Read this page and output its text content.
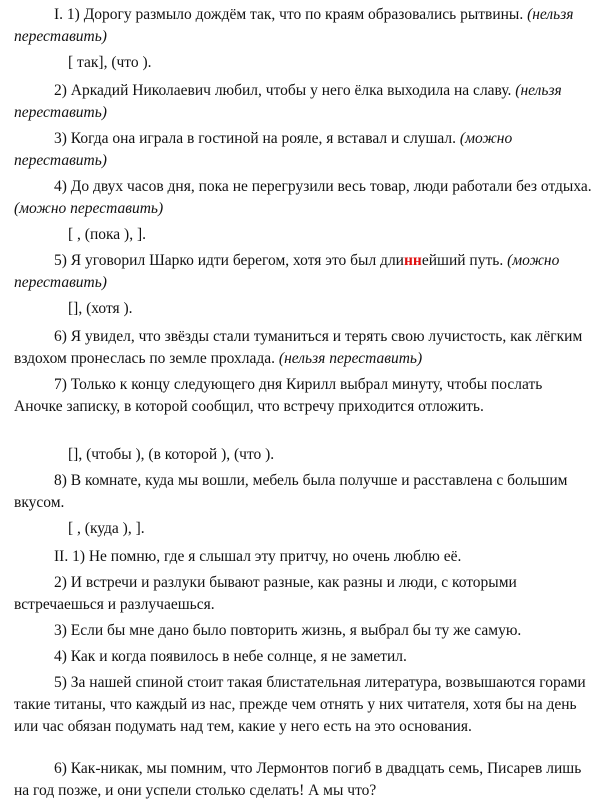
I. 1) Дорогу размыло дождём так, что по краям образовались рытвины. (нельзя переставить)
[ так], (что ).
2) Аркадий Николаевич любил, чтобы у него ёлка выходила на славу. (нельзя переставить)
3) Когда она играла в гостиной на рояле, я вставал и слушал. (можно переставить)
4) До двух часов дня, пока не перегрузили весь товар, люди работали без отдыха. (можно переставить)
[ , (пока ), ].
5) Я уговорил Шарко идти берегом, хотя это был длиннейший путь. (можно переставить)
[], (хотя ).
6) Я увидел, что звёзды стали туманиться и терять свою лучистость, как лёгким вздохом пронеслась по земле прохлада. (нельзя переставить)
7) Только к концу следующего дня Кирилл выбрал минуту, чтобы послать Аночке записку, в которой сообщил, что встречу приходится отложить.
[], (чтобы ), (в которой ), (что ).
8) В комнате, куда мы вошли, мебель была получше и расставлена с большим вкусом.
[ , (куда ), ].
II. 1) Не помню, где я слышал эту притчу, но очень люблю её.
2) И встречи и разлуки бывают разные, как разны и люди, с которыми встречаешься и разлучаешься.
3) Если бы мне дано было повторить жизнь, я выбрал бы ту же самую.
4) Как и когда появилось в небе солнце, я не заметил.
5) За нашей спиной стоит такая блистательная литература, возвышаются горами такие титаны, что каждый из нас, прежде чем отнять у них читателя, хотя бы на день или час обязан подумать над тем, какие у него есть на это основания.
6) Как-никак, мы помним, что Лермонтов погиб в двадцать семь, Писарев лишь на год позже, и они успели столько сделать! А мы что?
